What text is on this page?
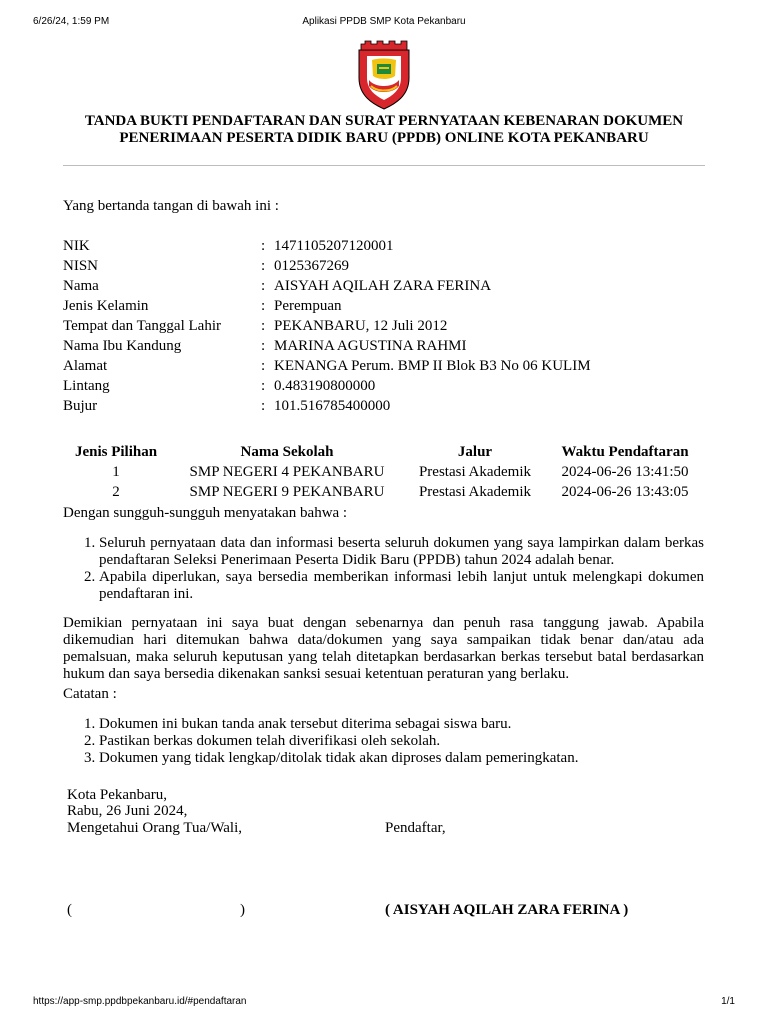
6/26/24, 1:59 PM	Aplikasi PPDB SMP Kota Pekanbaru
TANDA BUKTI PENDAFTARAN DAN SURAT PERNYATAAN KEBENARAN DOKUMEN
PENERIMAAN PESERTA DIDIK BARU (PPDB) ONLINE KOTA PEKANBARU
Yang bertanda tangan di bawah ini :
NIK	: 1471105207120001
NISN	: 0125367269
Nama	: AISYAH AQILAH ZARA FERINA
Jenis Kelamin	: Perempuan
Tempat dan Tanggal Lahir	: PEKANBARU, 12 Juli 2012
Nama Ibu Kandung	: MARINA AGUSTINA RAHMI
Alamat	: KENANGA Perum. BMP II Blok B3 No 06 KULIM
Lintang	: 0.483190800000
Bujur	: 101.516785400000
Jenis Pilihan	Nama Sekolah	Jalur	Waktu Pendaftaran
1	SMP NEGERI 4 PEKANBARU	Prestasi Akademik	2024-06-26 13:41:50
2	SMP NEGERI 9 PEKANBARU	Prestasi Akademik	2024-06-26 13:43:05
Dengan sungguh-sungguh menyatakan bahwa :
1. Seluruh pernyataan data dan informasi beserta seluruh dokumen yang saya lampirkan dalam berkas pendaftaran Seleksi Penerimaan Peserta Didik Baru (PPDB) tahun 2024 adalah benar.
2. Apabila diperlukan, saya bersedia memberikan informasi lebih lanjut untuk melengkapi dokumen pendaftaran ini.

Demikian pernyataan ini saya buat dengan sebenarnya dan penuh rasa tanggung jawab. Apabila dikemudian hari ditemukan bahwa data/dokumen yang saya sampaikan tidak benar dan/atau ada pemalsuan, maka seluruh keputusan yang telah ditetapkan berdasarkan berkas tersebut batal berdasarkan hukum dan saya bersedia dikenakan sanksi sesuai ketentuan peraturan yang berlaku.

Catatan :
1. Dokumen ini bukan tanda anak tersebut diterima sebagai siswa baru.
2. Pastikan berkas dokumen telah diverifikasi oleh sekolah.
3. Dokumen yang tidak lengkap/ditolak tidak akan diproses dalam pemeringkatan.
Kota Pekanbaru,
Rabu, 26 Juni 2024,
Mengetahui Orang Tua/Wali,	Pendaftar,
(	)	( AISYAH AQILAH ZARA FERINA )
https://app-smp.ppdbpekanbaru.id/#pendaftaran	1/1
